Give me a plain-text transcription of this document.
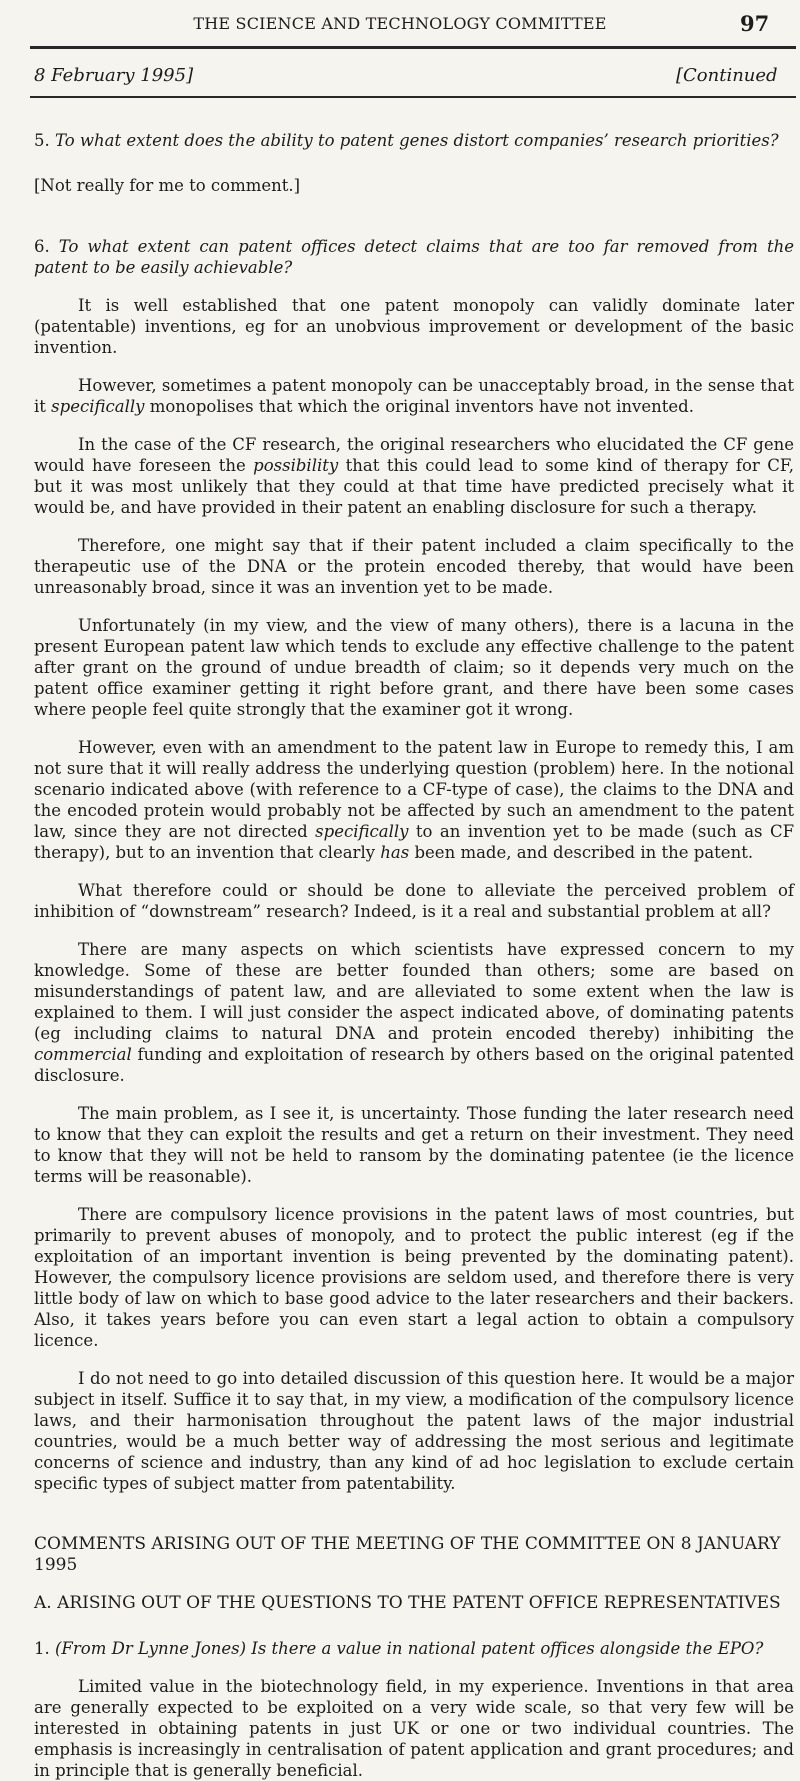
THE SCIENCE AND TECHNOLOGY COMMITTEE	97
8 February 1995]	[Continued

5. To what extent does the ability to patent genes distort companies’ research priorities?

[Not really for me to comment.]

6. To what extent can patent offices detect claims that are too far removed from the patent to be easily achievable?

It is well established that one patent monopoly can validly dominate later (patentable) inventions, eg for an unobvious improvement or development of the basic invention.

However, sometimes a patent monopoly can be unacceptably broad, in the sense that it specifically monopolises that which the original inventors have not invented.

In the case of the CF research, the original researchers who elucidated the CF gene would have foreseen the possibility that this could lead to some kind of therapy for CF, but it was most unlikely that they could at that time have predicted precisely what it would be, and have provided in their patent an enabling disclosure for such a therapy.

Therefore, one might say that if their patent included a claim specifically to the therapeutic use of the DNA or the protein encoded thereby, that would have been unreasonably broad, since it was an invention yet to be made.

Unfortunately (in my view, and the view of many others), there is a lacuna in the present European patent law which tends to exclude any effective challenge to the patent after grant on the ground of undue breadth of claim; so it depends very much on the patent office examiner getting it right before grant, and there have been some cases where people feel quite strongly that the examiner got it wrong.

However, even with an amendment to the patent law in Europe to remedy this, I am not sure that it will really address the underlying question (problem) here. In the notional scenario indicated above (with reference to a CF-type of case), the claims to the DNA and the encoded protein would probably not be affected by such an amendment to the patent law, since they are not directed specifically to an invention yet to be made (such as CF therapy), but to an invention that clearly has been made, and described in the patent.

What therefore could or should be done to alleviate the perceived problem of inhibition of “downstream” research? Indeed, is it a real and substantial problem at all?

There are many aspects on which scientists have expressed concern to my knowledge. Some of these are better founded than others; some are based on misunderstandings of patent law, and are alleviated to some extent when the law is explained to them. I will just consider the aspect indicated above, of dominating patents (eg including claims to natural DNA and protein encoded thereby) inhibiting the commercial funding and exploitation of research by others based on the original patented disclosure.

The main problem, as I see it, is uncertainty. Those funding the later research need to know that they can exploit the results and get a return on their investment. They need to know that they will not be held to ransom by the dominating patentee (ie the licence terms will be reasonable).

There are compulsory licence provisions in the patent laws of most countries, but primarily to prevent abuses of monopoly, and to protect the public interest (eg if the exploitation of an important invention is being prevented by the dominating patent). However, the compulsory licence provisions are seldom used, and therefore there is very little body of law on which to base good advice to the later researchers and their backers. Also, it takes years before you can even start a legal action to obtain a compulsory licence.

I do not need to go into detailed discussion of this question here. It would be a major subject in itself. Suffice it to say that, in my view, a modification of the compulsory licence laws, and their harmonisation throughout the patent laws of the major industrial countries, would be a much better way of addressing the most serious and legitimate concerns of science and industry, than any kind of ad hoc legislation to exclude certain specific types of subject matter from patentability.

COMMENTS ARISING OUT OF THE MEETING OF THE COMMITTEE ON 8 JANUARY 1995

A. ARISING OUT OF THE QUESTIONS TO THE PATENT OFFICE REPRESENTATIVES

1. (From Dr Lynne Jones) Is there a value in national patent offices alongside the EPO?

Limited value in the biotechnology field, in my experience. Inventions in that area are generally expected to be exploited on a very wide scale, so that very few will be interested in obtaining patents in just UK or one or two individual countries. The emphasis is increasingly in centralisation of patent application and grant procedures; and in principle that is generally beneficial.
